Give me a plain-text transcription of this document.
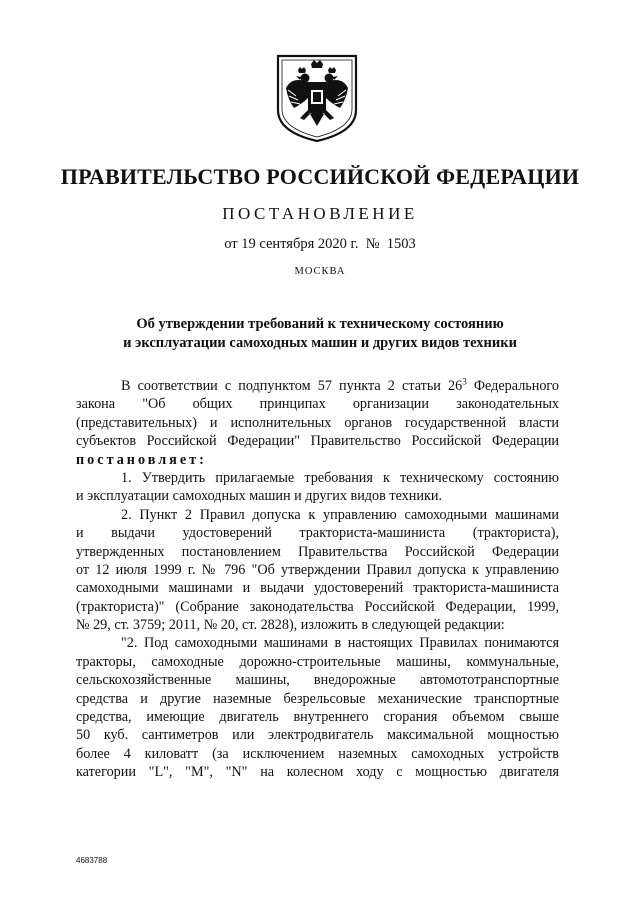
ПРАВИТЕЛЬСТВО РОССИЙСКОЙ ФЕДЕРАЦИИ
ПОСТАНОВЛЕНИЕ
от 19 сентября 2020 г.  №  1503
МОСКВА
Об утверждении требований к техническому состоянию
и эксплуатации самоходных машин и других видов техники
В соответствии с подпунктом 57 пункта 2 статьи $26^3$ Федерального
закона "Об общих принципах организации законодательных
(представительных) и исполнительных органов государственной власти
субъектов Российской Федерации" Правительство Российской Федерации
постановляет:
1. Утвердить прилагаемые требования к техническому состоянию
и эксплуатации самоходных машин и других видов техники.
2. Пункт 2 Правил допуска к управлению самоходными машинами
и выдачи удостоверений тракториста-машиниста (тракториста),
утвержденных постановлением Правительства Российской Федерации
от 12 июля 1999 г. № 796 "Об утверждении Правил допуска к управлению
самоходными машинами и выдачи удостоверений тракториста-машиниста
(тракториста)" (Собрание законодательства Российской Федерации, 1999,
№ 29, ст. 3759; 2011, № 20, ст. 2828), изложить в следующей редакции:
"2. Под самоходными машинами в настоящих Правилах понимаются
тракторы, самоходные дорожно-строительные машины, коммунальные,
сельскохозяйственные машины, внедорожные автомототранспортные
средства и другие наземные безрельсовые механические транспортные
средства, имеющие двигатель внутреннего сгорания объемом свыше
50 куб. сантиметров или электродвигатель максимальной мощностью
более 4 киловатт (за исключением наземных самоходных устройств
категории "L", "M", "N" на колесном ходу с мощностью двигателя
4683788
